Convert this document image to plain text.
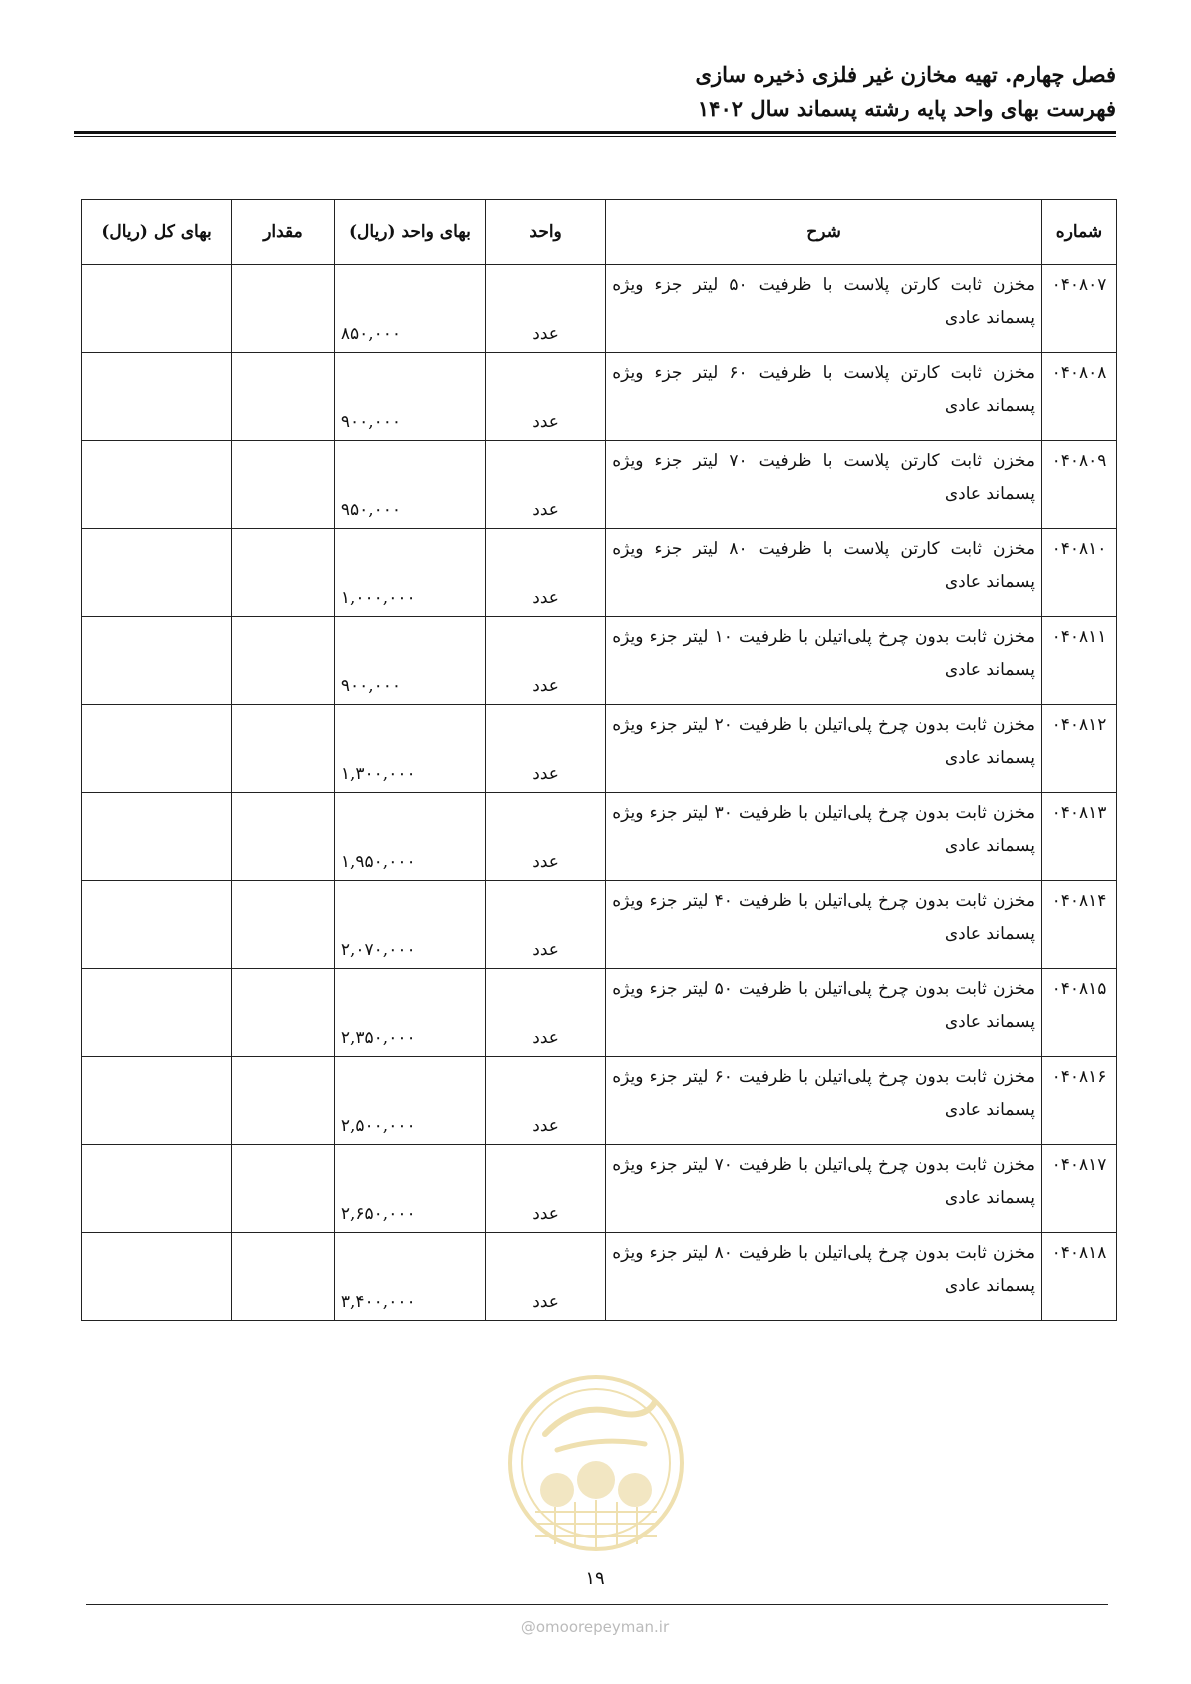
فصل چهارم. تهیه مخازن غیر فلزی ذخیره سازی
فهرست بهای واحد پایه رشته پسماند سال ۱۴۰۲
شماره	شرح	واحد	بهای واحد (ریال)	مقدار	بهای کل (ریال)
۰۴۰۸۰۷	مخزن ثابت کارتن پلاست با ظرفیت ۵۰ لیتر جزء ویژه پسماند عادی	عدد	۸۵۰,۰۰۰		
۰۴۰۸۰۸	مخزن ثابت کارتن پلاست با ظرفیت ۶۰ لیتر جزء ویژه پسماند عادی	عدد	۹۰۰,۰۰۰		
۰۴۰۸۰۹	مخزن ثابت کارتن پلاست با ظرفیت ۷۰ لیتر جزء ویژه پسماند عادی	عدد	۹۵۰,۰۰۰		
۰۴۰۸۱۰	مخزن ثابت کارتن پلاست با ظرفیت ۸۰ لیتر جزء ویژه پسماند عادی	عدد	۱,۰۰۰,۰۰۰		
۰۴۰۸۱۱	مخزن ثابت بدون چرخ پلی‌اتیلن با ظرفیت ۱۰ لیتر جزء ویژه پسماند عادی	عدد	۹۰۰,۰۰۰		
۰۴۰۸۱۲	مخزن ثابت بدون چرخ پلی‌اتیلن با ظرفیت ۲۰ لیتر جزء ویژه پسماند عادی	عدد	۱,۳۰۰,۰۰۰		
۰۴۰۸۱۳	مخزن ثابت بدون چرخ پلی‌اتیلن با ظرفیت ۳۰ لیتر جزء ویژه پسماند عادی	عدد	۱,۹۵۰,۰۰۰		
۰۴۰۸۱۴	مخزن ثابت بدون چرخ پلی‌اتیلن با ظرفیت ۴۰ لیتر جزء ویژه پسماند عادی	عدد	۲,۰۷۰,۰۰۰		
۰۴۰۸۱۵	مخزن ثابت بدون چرخ پلی‌اتیلن با ظرفیت ۵۰ لیتر جزء ویژه پسماند عادی	عدد	۲,۳۵۰,۰۰۰		
۰۴۰۸۱۶	مخزن ثابت بدون چرخ پلی‌اتیلن با ظرفیت ۶۰ لیتر جزء ویژه پسماند عادی	عدد	۲,۵۰۰,۰۰۰		
۰۴۰۸۱۷	مخزن ثابت بدون چرخ پلی‌اتیلن با ظرفیت ۷۰ لیتر جزء ویژه پسماند عادی	عدد	۲,۶۵۰,۰۰۰		
۰۴۰۸۱۸	مخزن ثابت بدون چرخ پلی‌اتیلن با ظرفیت ۸۰ لیتر جزء ویژه پسماند عادی	عدد	۳,۴۰۰,۰۰۰		
۱۹
@omoorepeyman.ir
